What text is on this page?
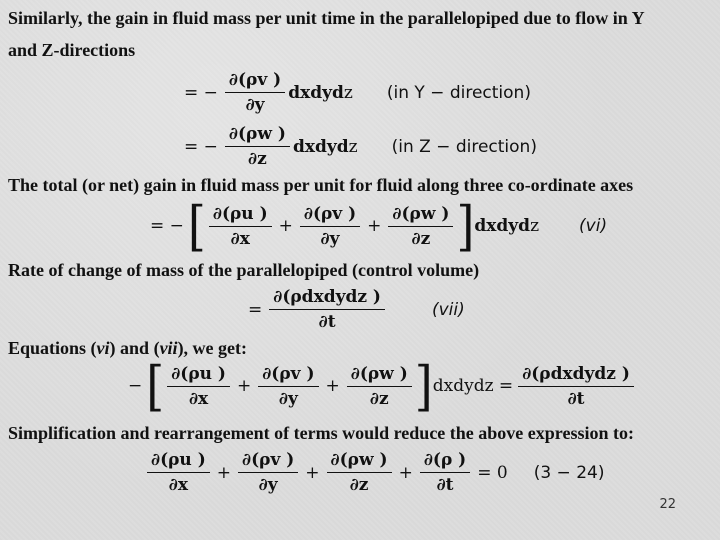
Similarly, the gain in fluid mass per unit time in the parallelopiped due to flow in Y
and Z-directions
= − $\frac{\partial(\rho v )}{\partial y}$ dxdyd z (in Y − direction)
= − $\frac{\partial(\rho w )}{\partial z}$ dxdyd z (in Z − direction)
The total (or net) gain in fluid mass per unit for fluid along three co-ordinate axes
= − [ $\frac{\partial(\rho u )}{\partial x} + \frac{\partial(\rho v )}{\partial y} + \frac{\partial(\rho w )}{\partial z}$ ] dxdyd z (vi)
Rate of change of mass of the parallelopiped (control volume)
= $\frac{\text{∂(ρdxdydz )}}{\partial t}$	(vii)
Equations (vi) and (vii), we get:
− [ $\frac{\partial(\rho u )}{\partial x} + \frac{\partial(\rho v )}{\partial y} + \frac{\partial(\rho w )}{\partial z}$ ] dxdydz = $\frac{\text{∂(ρdxdydz )}}{\partial t}$
Simplification and rearrangement of terms would reduce the above expression to:
$\frac{\partial(\rho u )}{\partial x} + \frac{\partial(\rho v )}{\partial y} + \frac{\partial(\rho w )}{\partial z} + \frac{\partial(\rho )}{\partial t} = 0$ (3 − 24)
22
